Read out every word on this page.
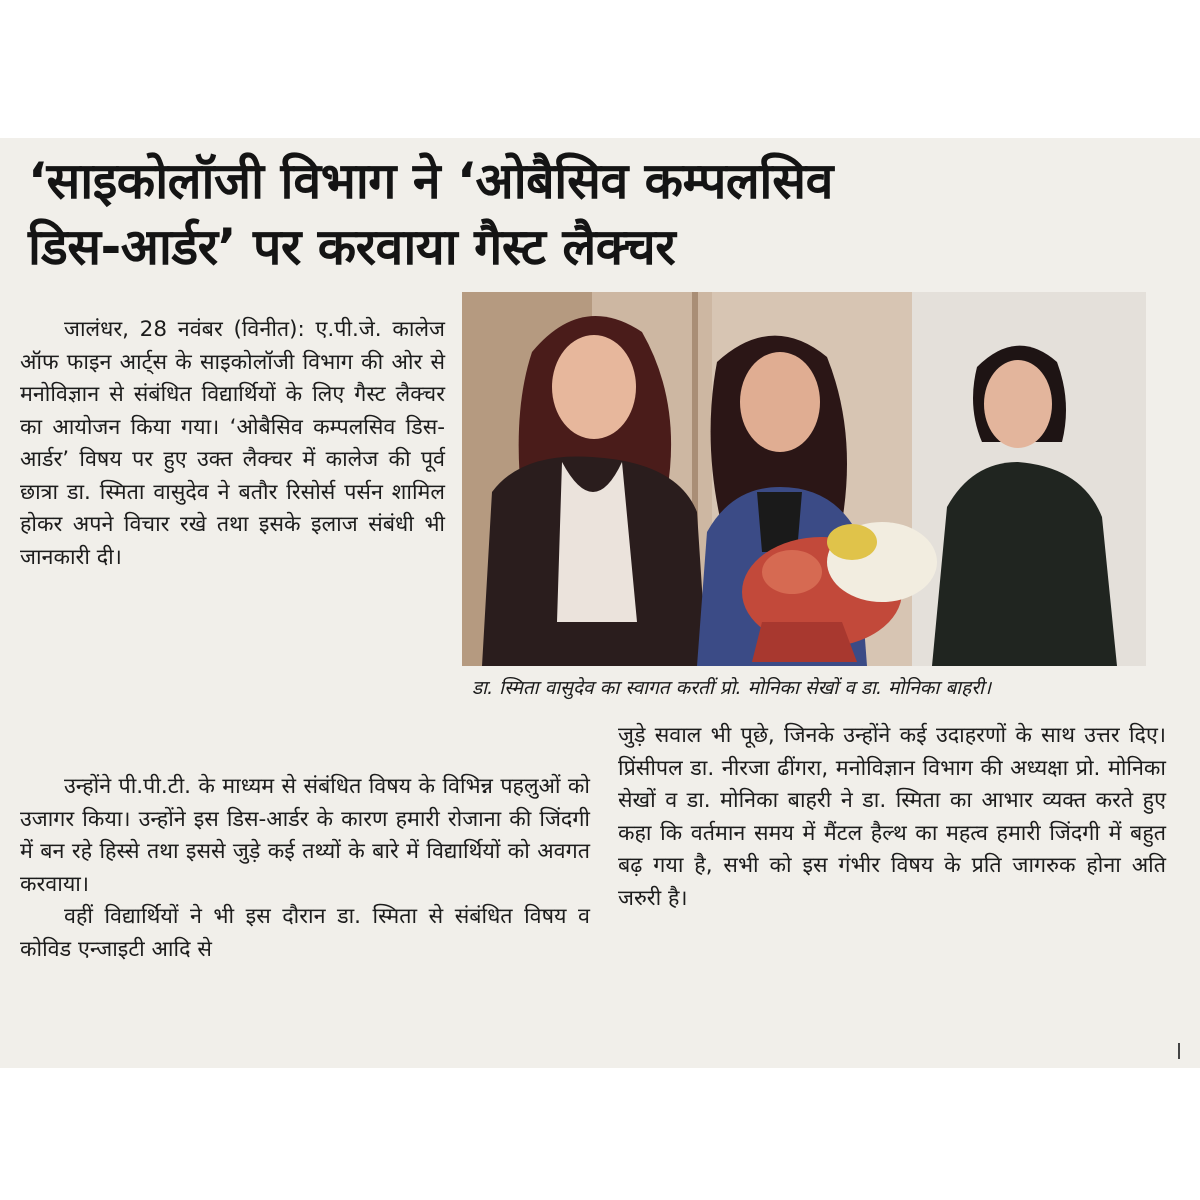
‘साइकोलॉजी विभाग ने ‘ओबैसिव कम्पलसिव
डिस-आर्डर’ पर करवाया गैस्ट लैक्चर
डा. स्मिता वासुदेव का स्वागत करतीं प्रो. मोनिका सेखों व डा. मोनिका बाहरी।

जालंधर, 28 नवंबर (विनीत): ए.पी.जे. कालेज ऑफ फाइन आर्ट्स के साइकोलॉजी विभाग की ओर से मनोविज्ञान से संबंधित विद्यार्थियों के लिए गैस्ट लैक्चर का आयोजन किया गया। ‘ओबैसिव कम्पलसिव डिस-आर्डर’ विषय पर हुए उक्त लैक्चर में कालेज की पूर्व छात्रा डा. स्मिता वासुदेव ने बतौर रिसोर्स पर्सन शामिल होकर अपने विचार रखे तथा इसके इलाज संबंधी भी जानकारी दी।

उन्होंने पी.पी.टी. के माध्यम से संबंधित विषय के विभिन्न पहलुओं को उजागर किया। उन्होंने इस डिस-आर्डर के कारण हमारी रोजाना की जिंदगी में बन रहे हिस्से तथा इससे जुड़े कई तथ्यों के बारे में विद्यार्थियों को अवगत करवाया।

वहीं विद्यार्थियों ने भी इस दौरान डा. स्मिता से संबंधित विषय व कोविड एन्जाइटी आदि से

जुड़े सवाल भी पूछे, जिनके उन्होंने कई उदाहरणों के साथ उत्तर दिए। प्रिंसीपल डा. नीरजा ढींगरा, मनोविज्ञान विभाग की अध्यक्षा प्रो. मोनिका सेखों व डा. मोनिका बाहरी ने डा. स्मिता का आभार व्यक्त करते हुए कहा कि वर्तमान समय में मैंटल हैल्थ का महत्व हमारी जिंदगी में बहुत बढ़ गया है, सभी को इस गंभीर विषय के प्रति जागरुक होना अति जरुरी है।
